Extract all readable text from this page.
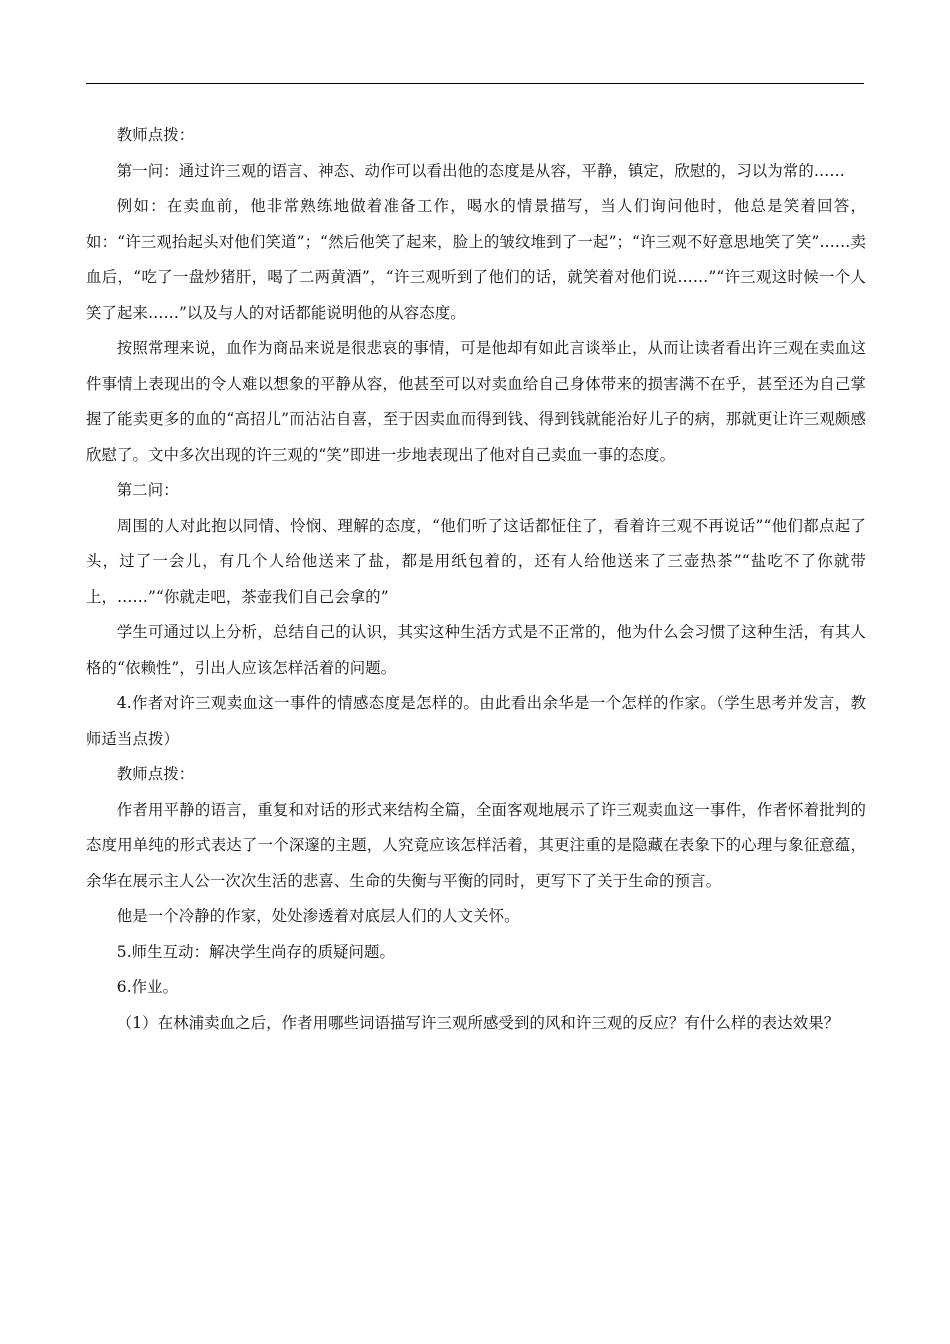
教师点拨：

第一问：通过许三观的语言、神态、动作可以看出他的态度是从容，平静，镇定，欣慰的，习以为常的……

例如：在卖血前，他非常熟练地做着准备工作，喝水的情景描写，当人们询问他时，他总是笑着回答，如：“许三观抬起头对他们笑道”；“然后他笑了起来，脸上的皱纹堆到了一起”；“许三观不好意思地笑了笑”……卖血后，“吃了一盘炒猪肝，喝了二两黄酒”，“许三观听到了他们的话，就笑着对他们说……”“许三观这时候一个人笑了起来……”以及与人的对话都能说明他的从容态度。

按照常理来说，血作为商品来说是很悲哀的事情，可是他却有如此言谈举止，从而让读者看出许三观在卖血这件事情上表现出的令人难以想象的平静从容，他甚至可以对卖血给自己身体带来的损害满不在乎，甚至还为自己掌握了能卖更多的血的“高招儿”而沾沾自喜，至于因卖血而得到钱、得到钱就能治好儿子的病，那就更让许三观颇感欣慰了。文中多次出现的许三观的“笑”即进一步地表现出了他对自己卖血一事的态度。

第二问：

周围的人对此抱以同情、怜悯、理解的态度，“他们听了这话都怔住了，看着许三观不再说话”“他们都点起了头，过了一会儿，有几个人给他送来了盐，都是用纸包着的，还有人给他送来了三壶热茶”“盐吃不了你就带上，……”“你就走吧，茶壶我们自己会拿的”

学生可通过以上分析，总结自己的认识，其实这种生活方式是不正常的，他为什么会习惯了这种生活，有其人格的“依赖性”，引出人应该怎样活着的问题。

4.作者对许三观卖血这一事件的情感态度是怎样的。由此看出余华是一个怎样的作家。（学生思考并发言，教师适当点拨）

教师点拨：

作者用平静的语言，重复和对话的形式来结构全篇，全面客观地展示了许三观卖血这一事件，作者怀着批判的态度用单纯的形式表达了一个深邃的主题，人究竟应该怎样活着，其更注重的是隐藏在表象下的心理与象征意蕴，余华在展示主人公一次次生活的悲喜、生命的失衡与平衡的同时，更写下了关于生命的预言。

他是一个冷静的作家，处处渗透着对底层人们的人文关怀。

5.师生互动：解决学生尚存的质疑问题。

6.作业。

（1）在林浦卖血之后，作者用哪些词语描写许三观所感受到的风和许三观的反应？有什么样的表达效果？
